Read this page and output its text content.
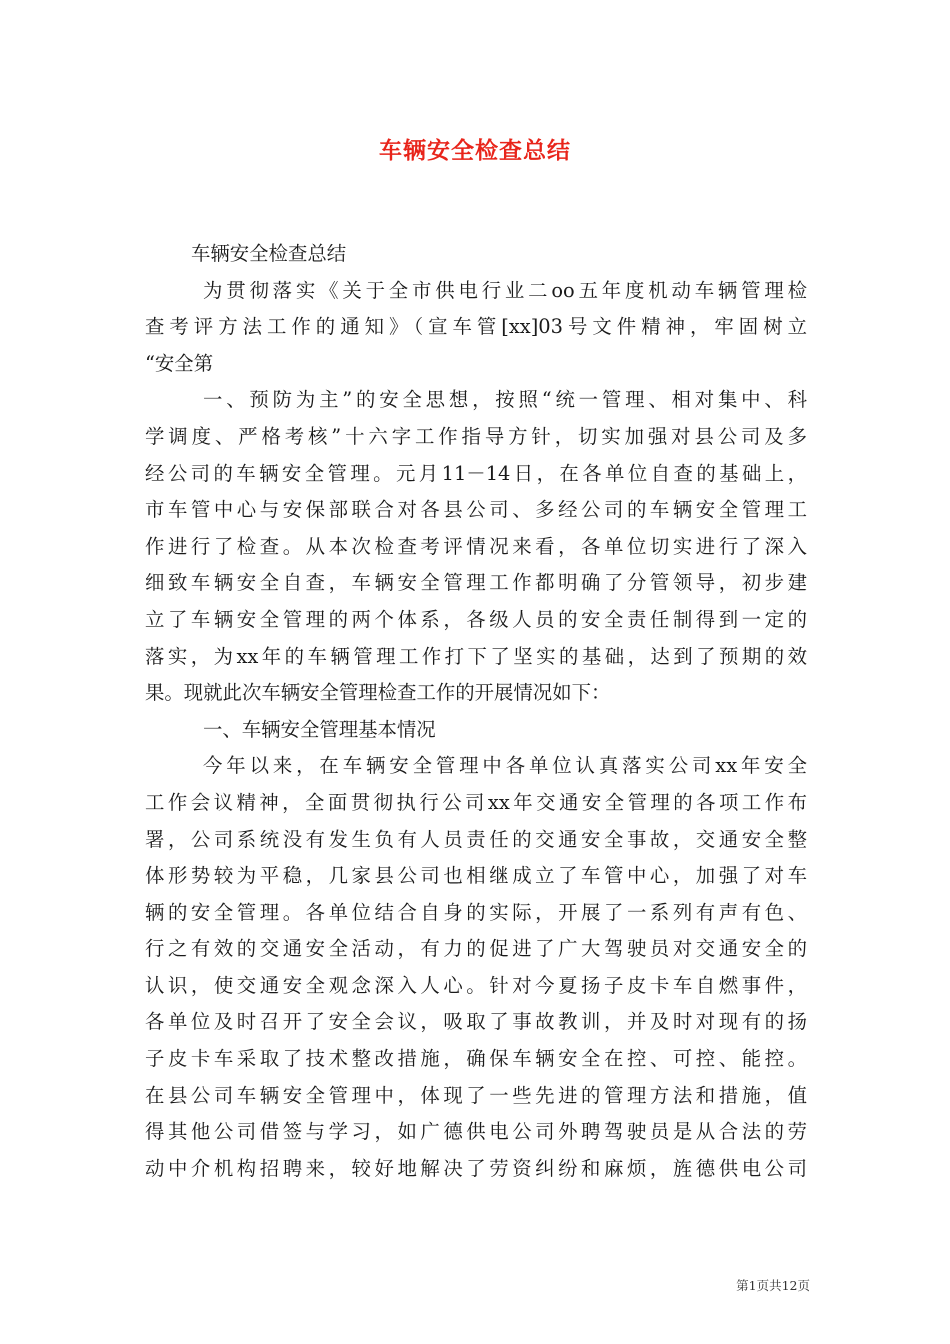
车辆安全检查总结
车辆安全检查总结
为贯彻落实《关于全市供电行业二oo五年度机动车辆管理检
查考评方法工作的通知》（宣车管[xx]03号文件精神，牢固树立
“安全第
一、预防为主”的安全思想，按照“统一管理、相对集中、科
学调度、严格考核”十六字工作指导方针，切实加强对县公司及多
经公司的车辆安全管理。元月11－14日，在各单位自查的基础上，
市车管中心与安保部联合对各县公司、多经公司的车辆安全管理工
作进行了检查。从本次检查考评情况来看，各单位切实进行了深入
细致车辆安全自查，车辆安全管理工作都明确了分管领导，初步建
立了车辆安全管理的两个体系，各级人员的安全责任制得到一定的
落实，为xx年的车辆管理工作打下了坚实的基础，达到了预期的效
果。现就此次车辆安全管理检查工作的开展情况如下：
一、车辆安全管理基本情况
今年以来，在车辆安全管理中各单位认真落实公司xx年安全
工作会议精神，全面贯彻执行公司xx年交通安全管理的各项工作布
署，公司系统没有发生负有人员责任的交通安全事故，交通安全整
体形势较为平稳，几家县公司也相继成立了车管中心，加强了对车
辆的安全管理。各单位结合自身的实际，开展了一系列有声有色、
行之有效的交通安全活动，有力的促进了广大驾驶员对交通安全的
认识，使交通安全观念深入人心。针对今夏扬子皮卡车自燃事件，
各单位及时召开了安全会议，吸取了事故教训，并及时对现有的扬
子皮卡车采取了技术整改措施，确保车辆安全在控、可控、能控。
在县公司车辆安全管理中，体现了一些先进的管理方法和措施，值
得其他公司借签与学习，如广德供电公司外聘驾驶员是从合法的劳
动中介机构招聘来，较好地解决了劳资纠纷和麻烦，旌德供电公司
第1页共12页
